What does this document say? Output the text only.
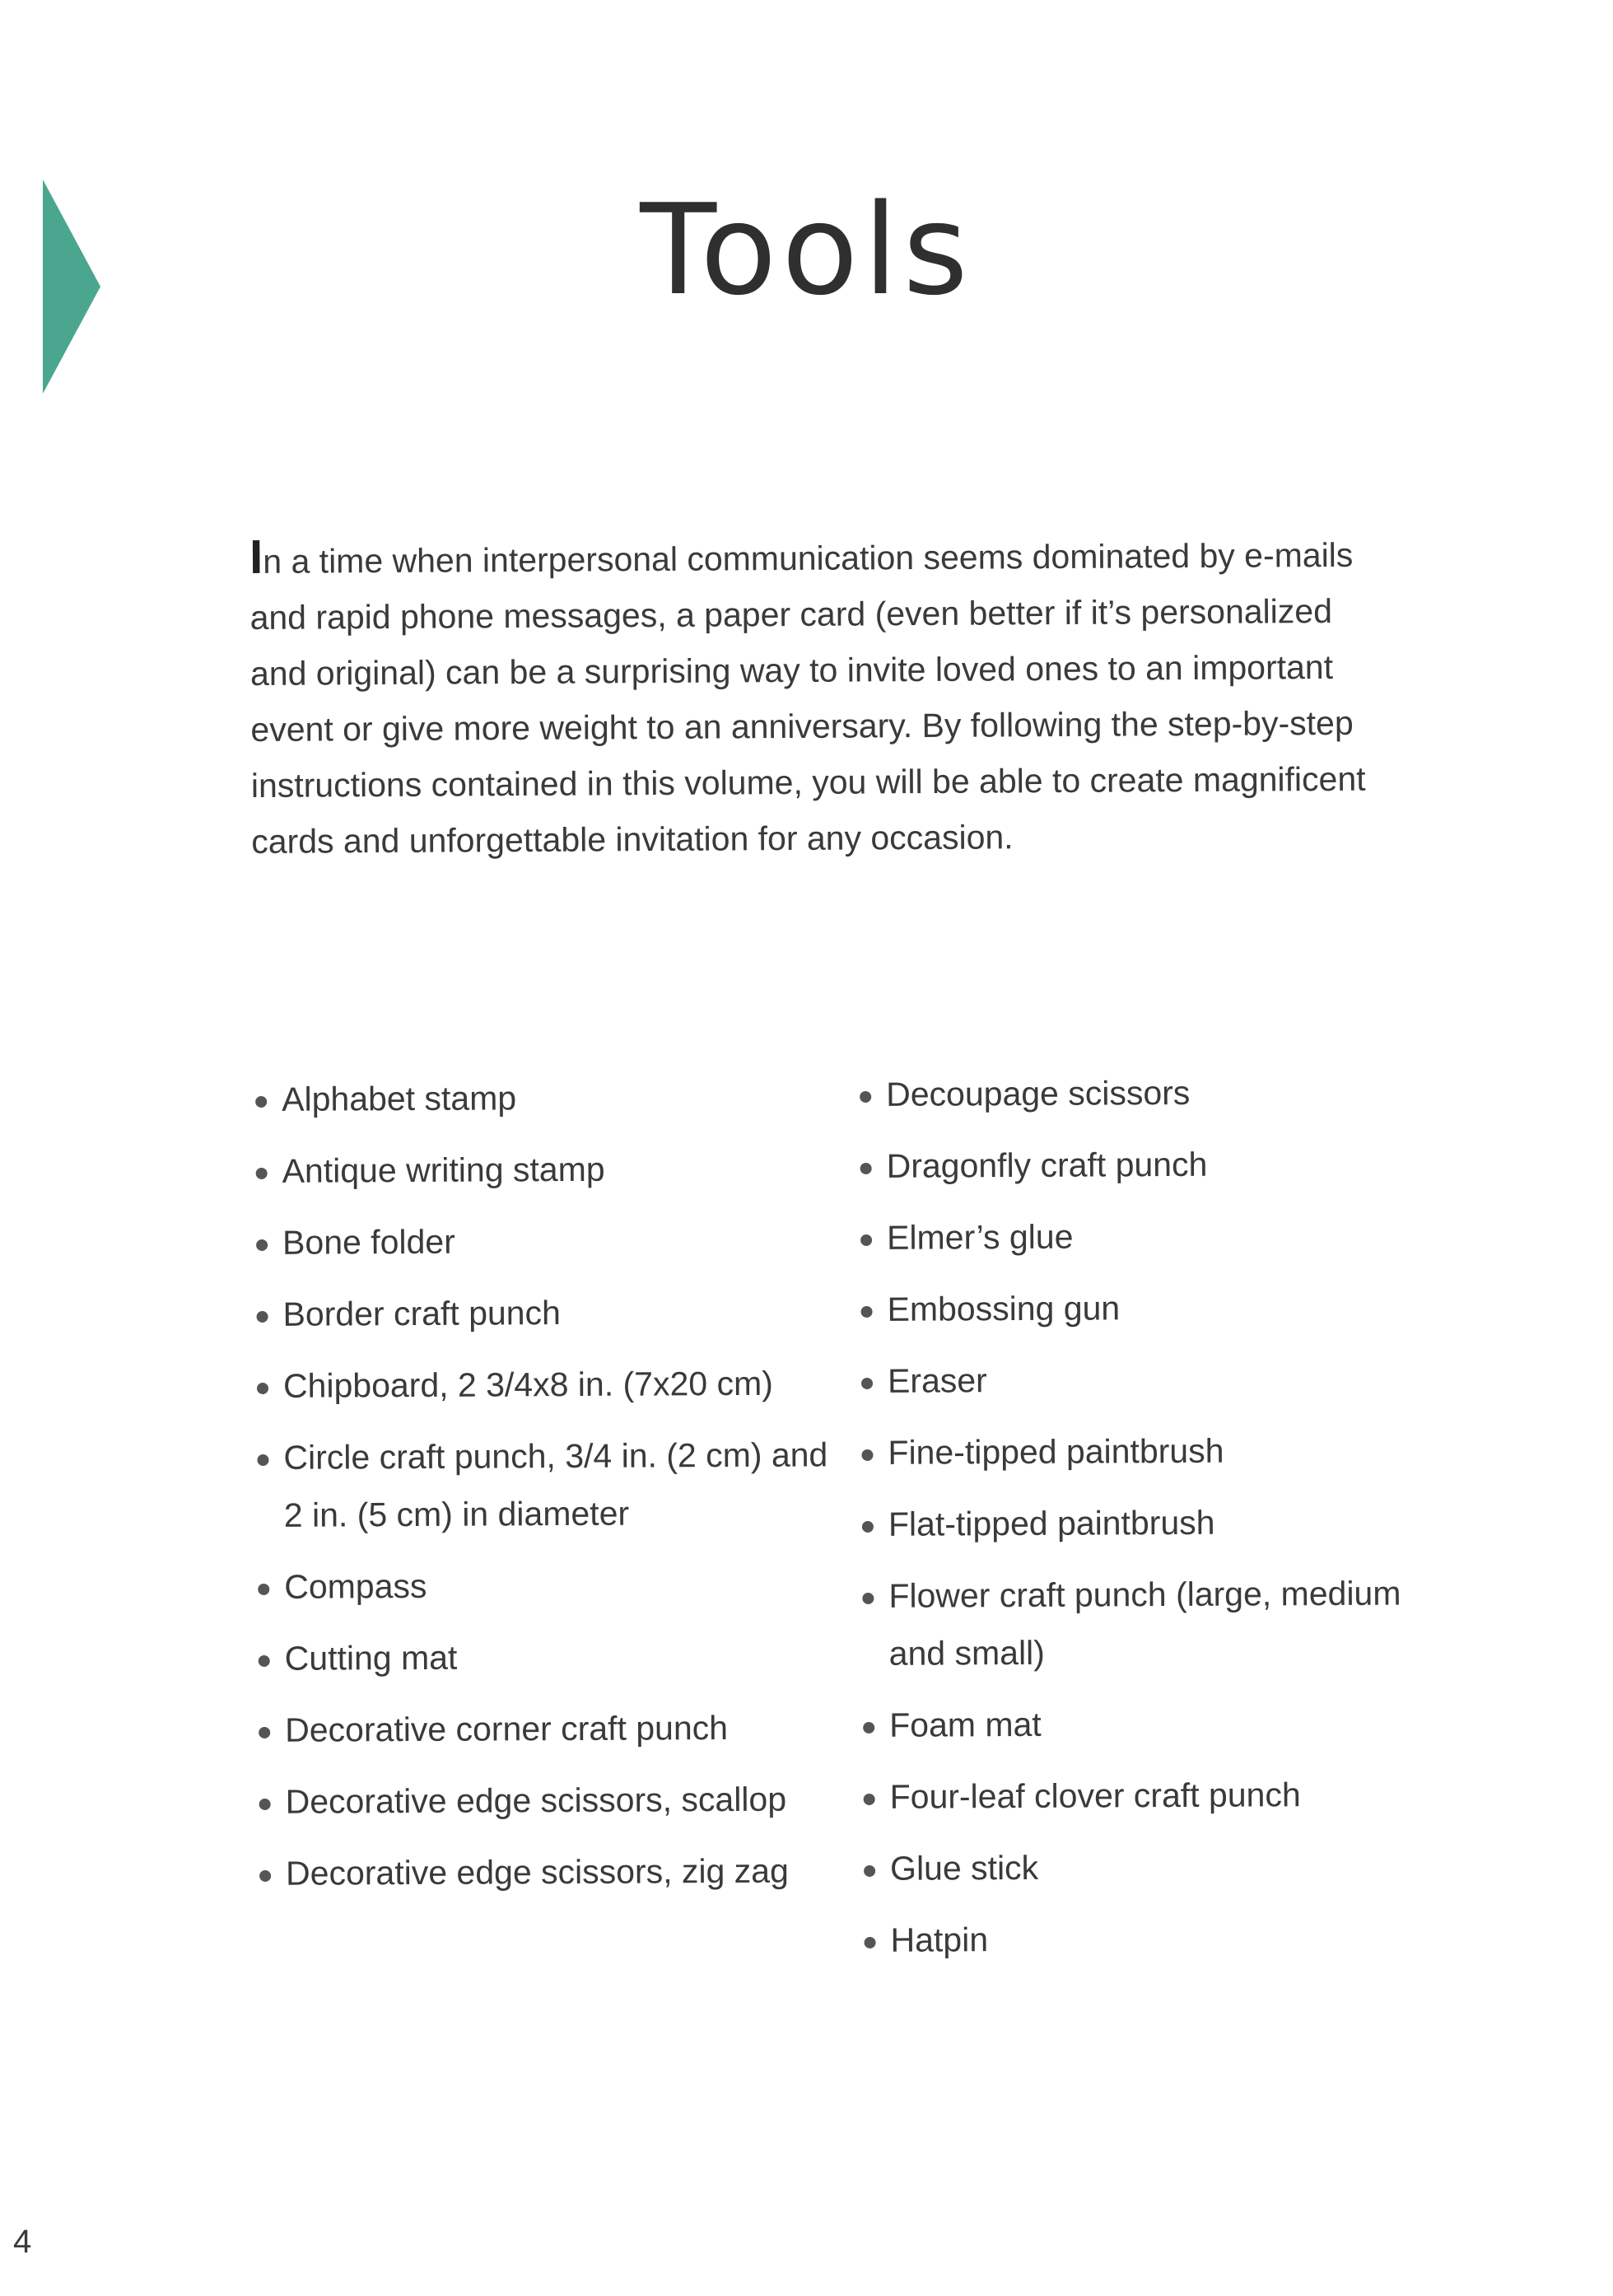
Tools

In a time when interpersonal communication seems dominated by e-mails and rapid phone messages, a paper card (even better if it’s personalized and original) can be a surprising way to invite loved ones to an important event or give more weight to an anniversary. By following the step-by-step instructions contained in this volume, you will be able to create magnificent cards and unforgettable invitation for any occasion.

Alphabet stamp
Antique writing stamp
Bone folder
Border craft punch
Chipboard, 2 3/4x8 in. (7x20 cm)
Circle craft punch, 3/4 in. (2 cm) and 2 in. (5 cm) in diameter
Compass
Cutting mat
Decorative corner craft punch
Decorative edge scissors, scallop
Decorative edge scissors, zig zag
Decoupage scissors
Dragonfly craft punch
Elmer’s glue
Embossing gun
Eraser
Fine-tipped paintbrush
Flat-tipped paintbrush
Flower craft punch (large, medium and small)
Foam mat
Four-leaf clover craft punch
Glue stick
Hatpin
4
